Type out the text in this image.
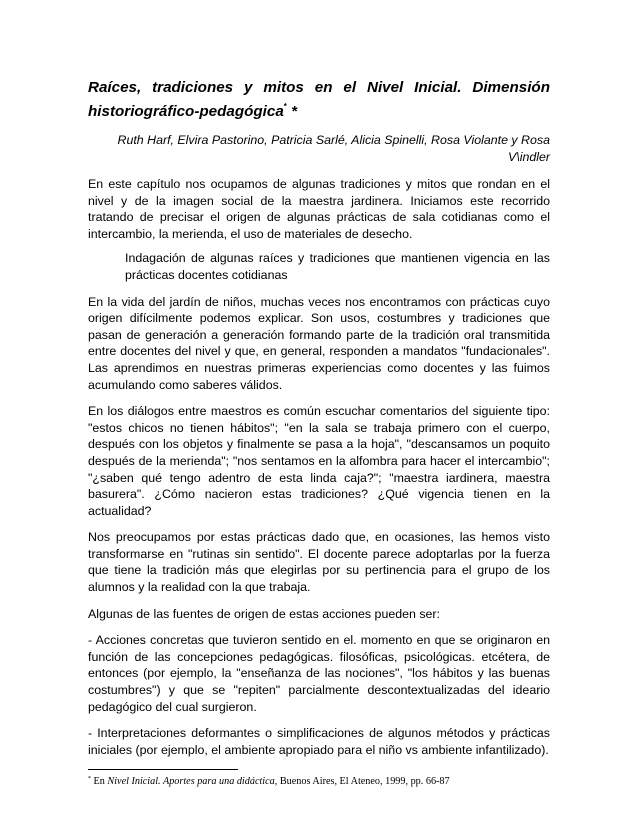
Raíces, tradiciones y mitos en el Nivel Inicial. Dimensión historiográfico-pedagógica* *
Ruth Harf, Elvira Pastorino, Patricia Sarlé, Alicia Spinelli, Rosa Violante y Rosa V\indler

En este capítulo nos ocupamos de algunas tradiciones y mitos que rondan en el nivel y de la imagen social de la maestra jardinera. Iniciamos este recorrido tratando de precisar el origen de algunas prácticas de sala cotidianas como el intercambio, la merienda, el uso de materiales de desecho.

Indagación de algunas raíces y tradiciones que mantienen vigencia en las prácticas docentes cotidianas

En la vida del jardín de niños, muchas veces nos encontramos con prácticas cuyo origen difícilmente podemos explicar. Son usos, costumbres y tradiciones que pasan de generación a generación formando parte de la tradición oral transmitida entre docentes del nivel y que, en general, responden a mandatos "fundacionales". Las aprendimos en nuestras primeras experiencias como docentes y las fuimos acumulando como saberes válidos.

En los diálogos entre maestros es común escuchar comentarios del siguiente tipo: "estos chicos no tienen hábitos"; "en la sala se trabaja primero con el cuerpo, después con los objetos y finalmente se pasa a la hoja", "descansamos un poquito después de la merienda"; "nos sentamos en la alfombra para hacer el intercambio"; "¿saben qué tengo adentro de esta linda caja?"; "maestra iardinera, maestra basurera". ¿Cómo nacieron estas tradiciones? ¿Qué vigencia tienen en la actualidad?

Nos preocupamos por estas prácticas dado que, en ocasiones, las hemos visto transformarse en "rutinas sin sentido". El docente parece adoptarlas por la fuerza que tiene la tradición más que elegirlas por su pertinencia para el grupo de los alumnos y la realidad con la que trabaja.

Algunas de las fuentes de origen de estas acciones pueden ser:

- Acciones concretas que tuvieron sentido en el. momento en que se originaron en función de las concepciones pedagógicas. filosóficas, psicológicas. etcétera, de entonces (por ejemplo, la "enseñanza de las nociones", "los hábitos y las buenas costumbres") y que se "repiten" parcialmente descontextualizadas del ideario pedagógico del cual surgieron.

- Interpretaciones deformantes o simplificaciones de algunos métodos y prácticas iniciales (por ejemplo, el ambiente apropiado para el niño vs ambiente infantilizado).

* En Nivel Inicial. Aportes para una didáctica, Buenos Aires, El Ateneo, 1999, pp. 66-87
